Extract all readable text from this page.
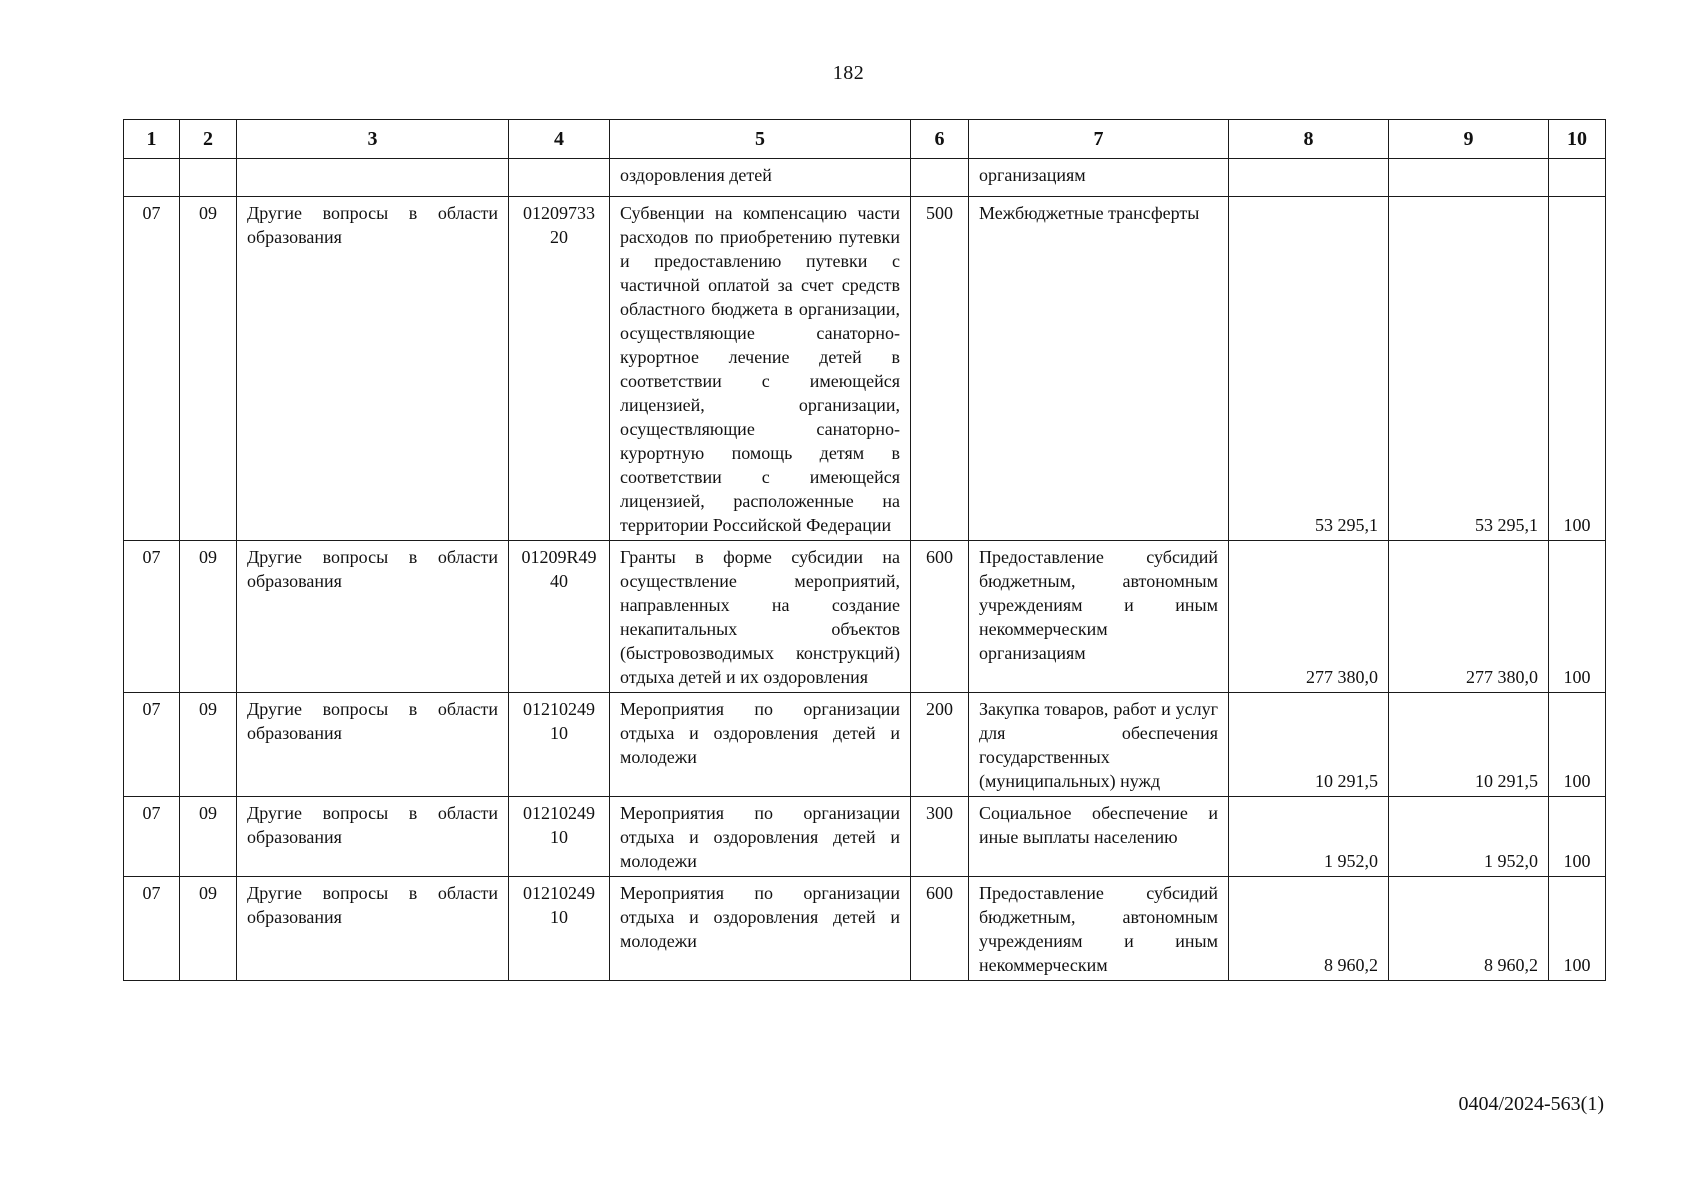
182
1	2	3	4	5	6	7	8	9	10
				оздоровления детей		организациям			
07	09	Другие вопросы в области образования	0120973320	Субвенции на компенсацию части расходов по приобретению путевки и предоставлению путевки с частичной оплатой за счет средств областного бюджета в организации, осуществляющие санаторно-курортное лечение детей в соответствии с имеющейся лицензией, организации, осуществляющие санаторно-курортную помощь детям в соответствии с имеющейся лицензией, расположенные на территории Российской Федерации	500	Межбюджетные трансферты	53 295,1	53 295,1	100
07	09	Другие вопросы в области образования	01209R4940	Гранты в форме субсидии на осуществление мероприятий, направленных на создание некапитальных объектов (быстровозводимых конструкций) отдыха детей и их оздоровления	600	Предоставление субсидий бюджетным, автономным учреждениям и иным некоммерческим организациям	277 380,0	277 380,0	100
07	09	Другие вопросы в области образования	0121024910	Мероприятия по организации отдыха и оздоровления детей и молодежи	200	Закупка товаров, работ и услуг для обеспечения государственных (муниципальных) нужд	10 291,5	10 291,5	100
07	09	Другие вопросы в области образования	0121024910	Мероприятия по организации отдыха и оздоровления детей и молодежи	300	Социальное обеспечение и иные выплаты населению	1 952,0	1 952,0	100
07	09	Другие вопросы в области образования	0121024910	Мероприятия по организации отдыха и оздоровления детей и молодежи	600	Предоставление субсидий бюджетным, автономным учреждениям и иным некоммерческим	8 960,2	8 960,2	100
0404/2024-563(1)
